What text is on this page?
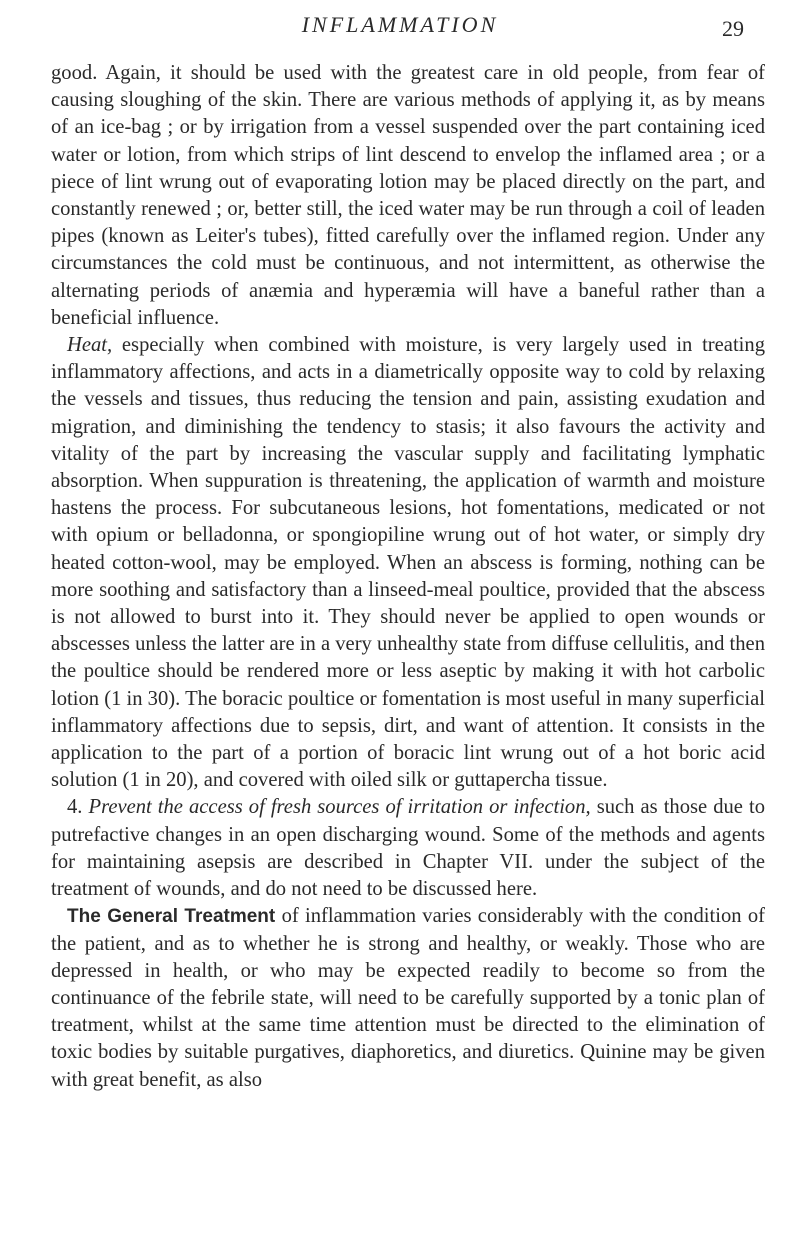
INFLAMMATION	29

good. Again, it should be used with the greatest care in old people, from fear of causing sloughing of the skin. There are various methods of applying it, as by means of an ice-bag ; or by irrigation from a vessel suspended over the part containing iced water or lotion, from which strips of lint descend to envelop the inflamed area ; or a piece of lint wrung out of evaporating lotion may be placed directly on the part, and constantly renewed ; or, better still, the iced water may be run through a coil of leaden pipes (known as Leiter's tubes), fitted carefully over the inflamed region. Under any circumstances the cold must be continuous, and not intermittent, as otherwise the alternating periods of anæmia and hyperæmia will have a baneful rather than a beneficial influence.

Heat, especially when combined with moisture, is very largely used in treating inflammatory affections, and acts in a diametrically opposite way to cold by relaxing the vessels and tissues, thus reducing the tension and pain, assisting exudation and migration, and diminishing the tendency to stasis; it also favours the activity and vitality of the part by increasing the vascular supply and facilitating lymphatic absorption. When suppuration is threatening, the application of warmth and moisture hastens the process. For subcutaneous lesions, hot fomentations, medicated or not with opium or belladonna, or spongiopiline wrung out of hot water, or simply dry heated cotton-wool, may be employed. When an abscess is forming, nothing can be more soothing and satisfactory than a linseed-meal poultice, provided that the abscess is not allowed to burst into it. They should never be applied to open wounds or abscesses unless the latter are in a very unhealthy state from diffuse cellulitis, and then the poultice should be rendered more or less aseptic by making it with hot carbolic lotion (1 in 30). The boracic poultice or fomentation is most useful in many superficial inflammatory affections due to sepsis, dirt, and want of attention. It consists in the application to the part of a portion of boracic lint wrung out of a hot boric acid solution (1 in 20), and covered with oiled silk or guttapercha tissue.

4. Prevent the access of fresh sources of irritation or infection, such as those due to putrefactive changes in an open discharging wound. Some of the methods and agents for maintaining asepsis are described in Chapter VII. under the subject of the treatment of wounds, and do not need to be discussed here.

The General Treatment of inflammation varies considerably with the condition of the patient, and as to whether he is strong and healthy, or weakly. Those who are depressed in health, or who may be expected readily to become so from the continuance of the febrile state, will need to be carefully supported by a tonic plan of treatment, whilst at the same time attention must be directed to the elimination of toxic bodies by suitable purgatives, diaphoretics, and diuretics. Quinine may be given with great benefit, as also
